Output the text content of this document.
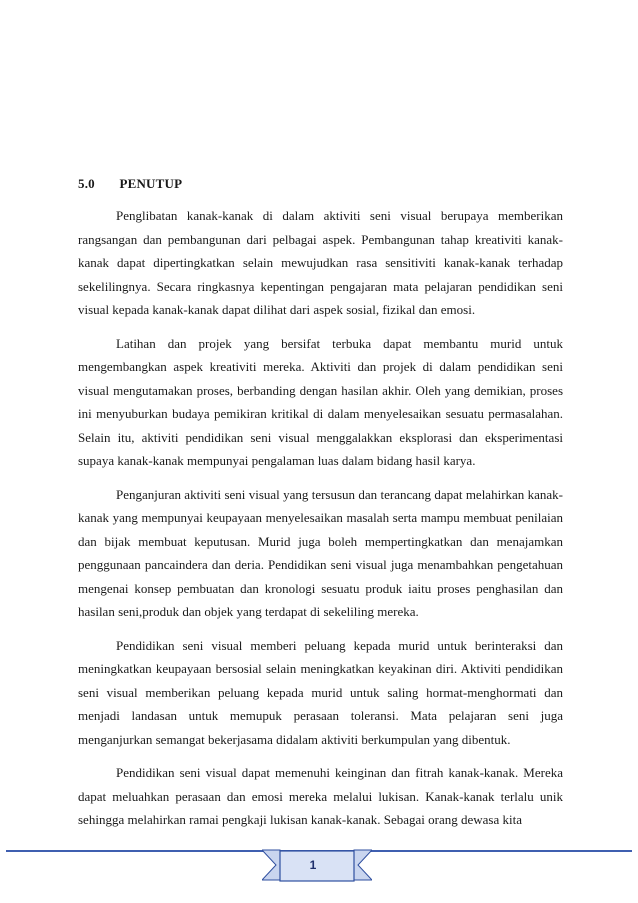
5.0 PENUTUP

Penglibatan kanak-kanak di dalam aktiviti seni visual berupaya memberikan rangsangan dan pembangunan dari pelbagai aspek. Pembangunan tahap kreativiti kanak-kanak dapat dipertingkatkan selain mewujudkan rasa sensitiviti kanak-kanak terhadap sekelilingnya. Secara ringkasnya kepentingan pengajaran mata pelajaran pendidikan seni visual kepada kanak-kanak dapat dilihat dari aspek sosial, fizikal dan emosi.

Latihan dan projek yang bersifat terbuka dapat membantu murid untuk mengembangkan aspek kreativiti mereka. Aktiviti dan projek di dalam pendidikan seni visual mengutamakan proses, berbanding dengan hasilan akhir. Oleh yang demikian, proses ini menyuburkan budaya pemikiran kritikal di dalam menyelesaikan sesuatu permasalahan. Selain itu, aktiviti pendidikan seni visual menggalakkan eksplorasi dan eksperimentasi supaya kanak-kanak mempunyai pengalaman luas dalam bidang hasil karya.

Penganjuran aktiviti seni visual yang tersusun dan terancang dapat melahirkan kanak-kanak yang mempunyai keupayaan menyelesaikan masalah serta mampu membuat penilaian dan bijak membuat keputusan. Murid juga boleh mempertingkatkan dan menajamkan penggunaan pancaindera dan deria. Pendidikan seni visual juga menambahkan pengetahuan mengenai konsep pembuatan dan kronologi sesuatu produk iaitu proses penghasilan dan hasilan seni,produk dan objek yang terdapat di sekeliling mereka.

Pendidikan seni visual memberi peluang kepada murid untuk berinteraksi dan meningkatkan keupayaan bersosial selain meningkatkan keyakinan diri. Aktiviti pendidikan seni visual memberikan peluang kepada murid untuk saling hormat-menghormati dan menjadi landasan untuk memupuk perasaan toleransi. Mata pelajaran seni juga menganjurkan semangat bekerjasama didalam aktiviti berkumpulan yang dibentuk.

Pendidikan seni visual dapat memenuhi keinginan dan fitrah kanak-kanak. Mereka dapat meluahkan perasaan dan emosi mereka melalui lukisan. Kanak-kanak terlalu unik sehingga melahirkan ramai pengkaji lukisan kanak-kanak. Sebagai orang dewasa kita

1
